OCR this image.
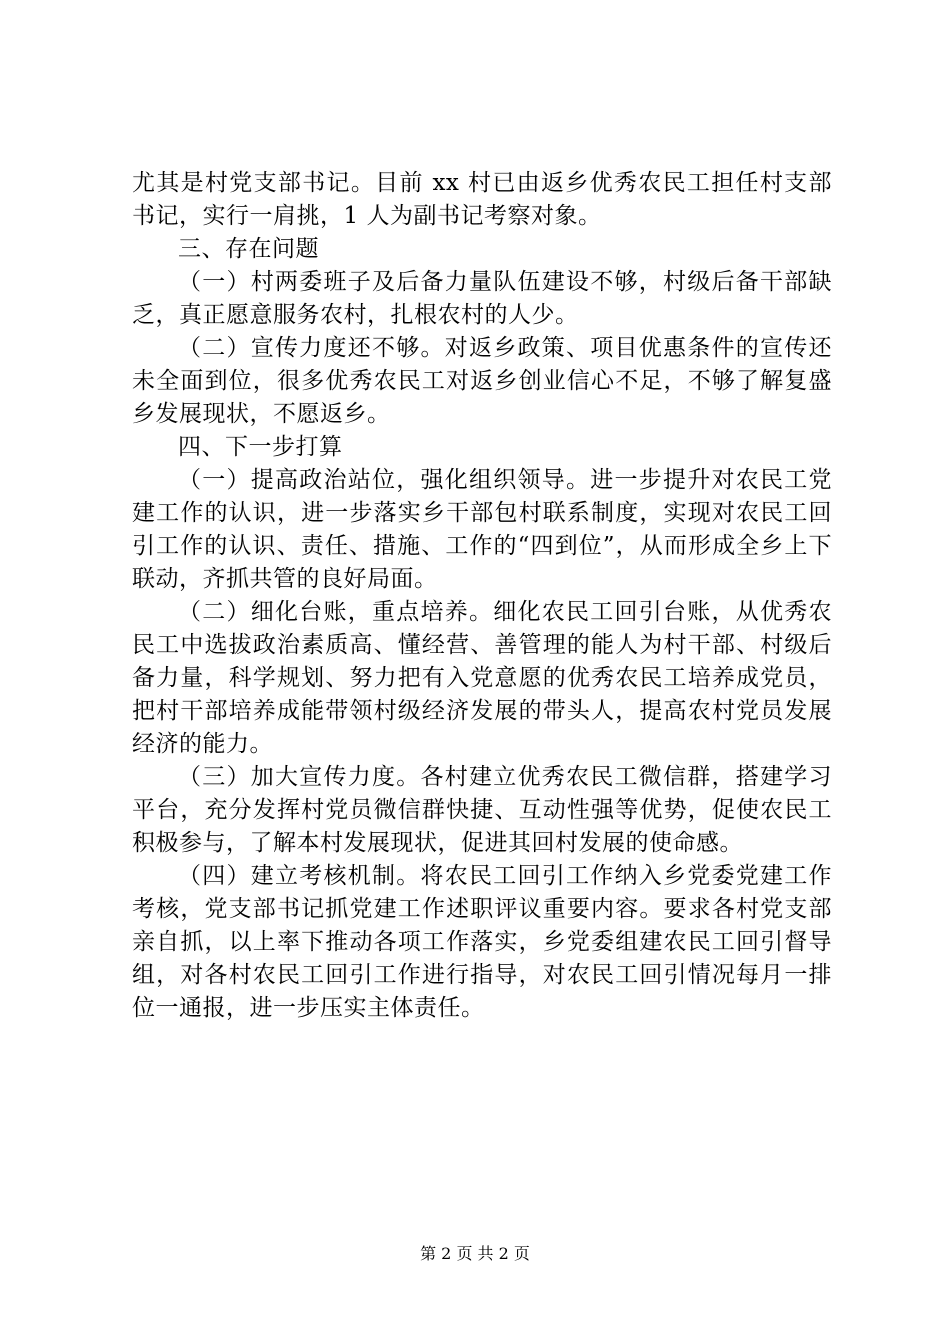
尤其是村党支部书记。目前 xx 村已由返乡优秀农民工担任村支部书记，实行一肩挑，1 人为副书记考察对象。

三、存在问题

（一）村两委班子及后备力量队伍建设不够，村级后备干部缺乏，真正愿意服务农村，扎根农村的人少。

（二）宣传力度还不够。对返乡政策、项目优惠条件的宣传还未全面到位，很多优秀农民工对返乡创业信心不足，不够了解复盛乡发展现状，不愿返乡。

四、下一步打算

（一）提高政治站位，强化组织领导。进一步提升对农民工党建工作的认识，进一步落实乡干部包村联系制度，实现对农民工回引工作的认识、责任、措施、工作的“四到位”，从而形成全乡上下联动，齐抓共管的良好局面。

（二）细化台账，重点培养。细化农民工回引台账，从优秀农民工中选拔政治素质高、懂经营、善管理的能人为村干部、村级后备力量，科学规划、努力把有入党意愿的优秀农民工培养成党员，把村干部培养成能带领村级经济发展的带头人，提高农村党员发展经济的能力。

（三）加大宣传力度。各村建立优秀农民工微信群，搭建学习平台，充分发挥村党员微信群快捷、互动性强等优势，促使农民工积极参与，了解本村发展现状，促进其回村发展的使命感。

（四）建立考核机制。将农民工回引工作纳入乡党委党建工作考核，党支部书记抓党建工作述职评议重要内容。要求各村党支部亲自抓，以上率下推动各项工作落实，乡党委组建农民工回引督导组，对各村农民工回引工作进行指导，对农民工回引情况每月一排位一通报，进一步压实主体责任。

第 2 页 共 2 页
